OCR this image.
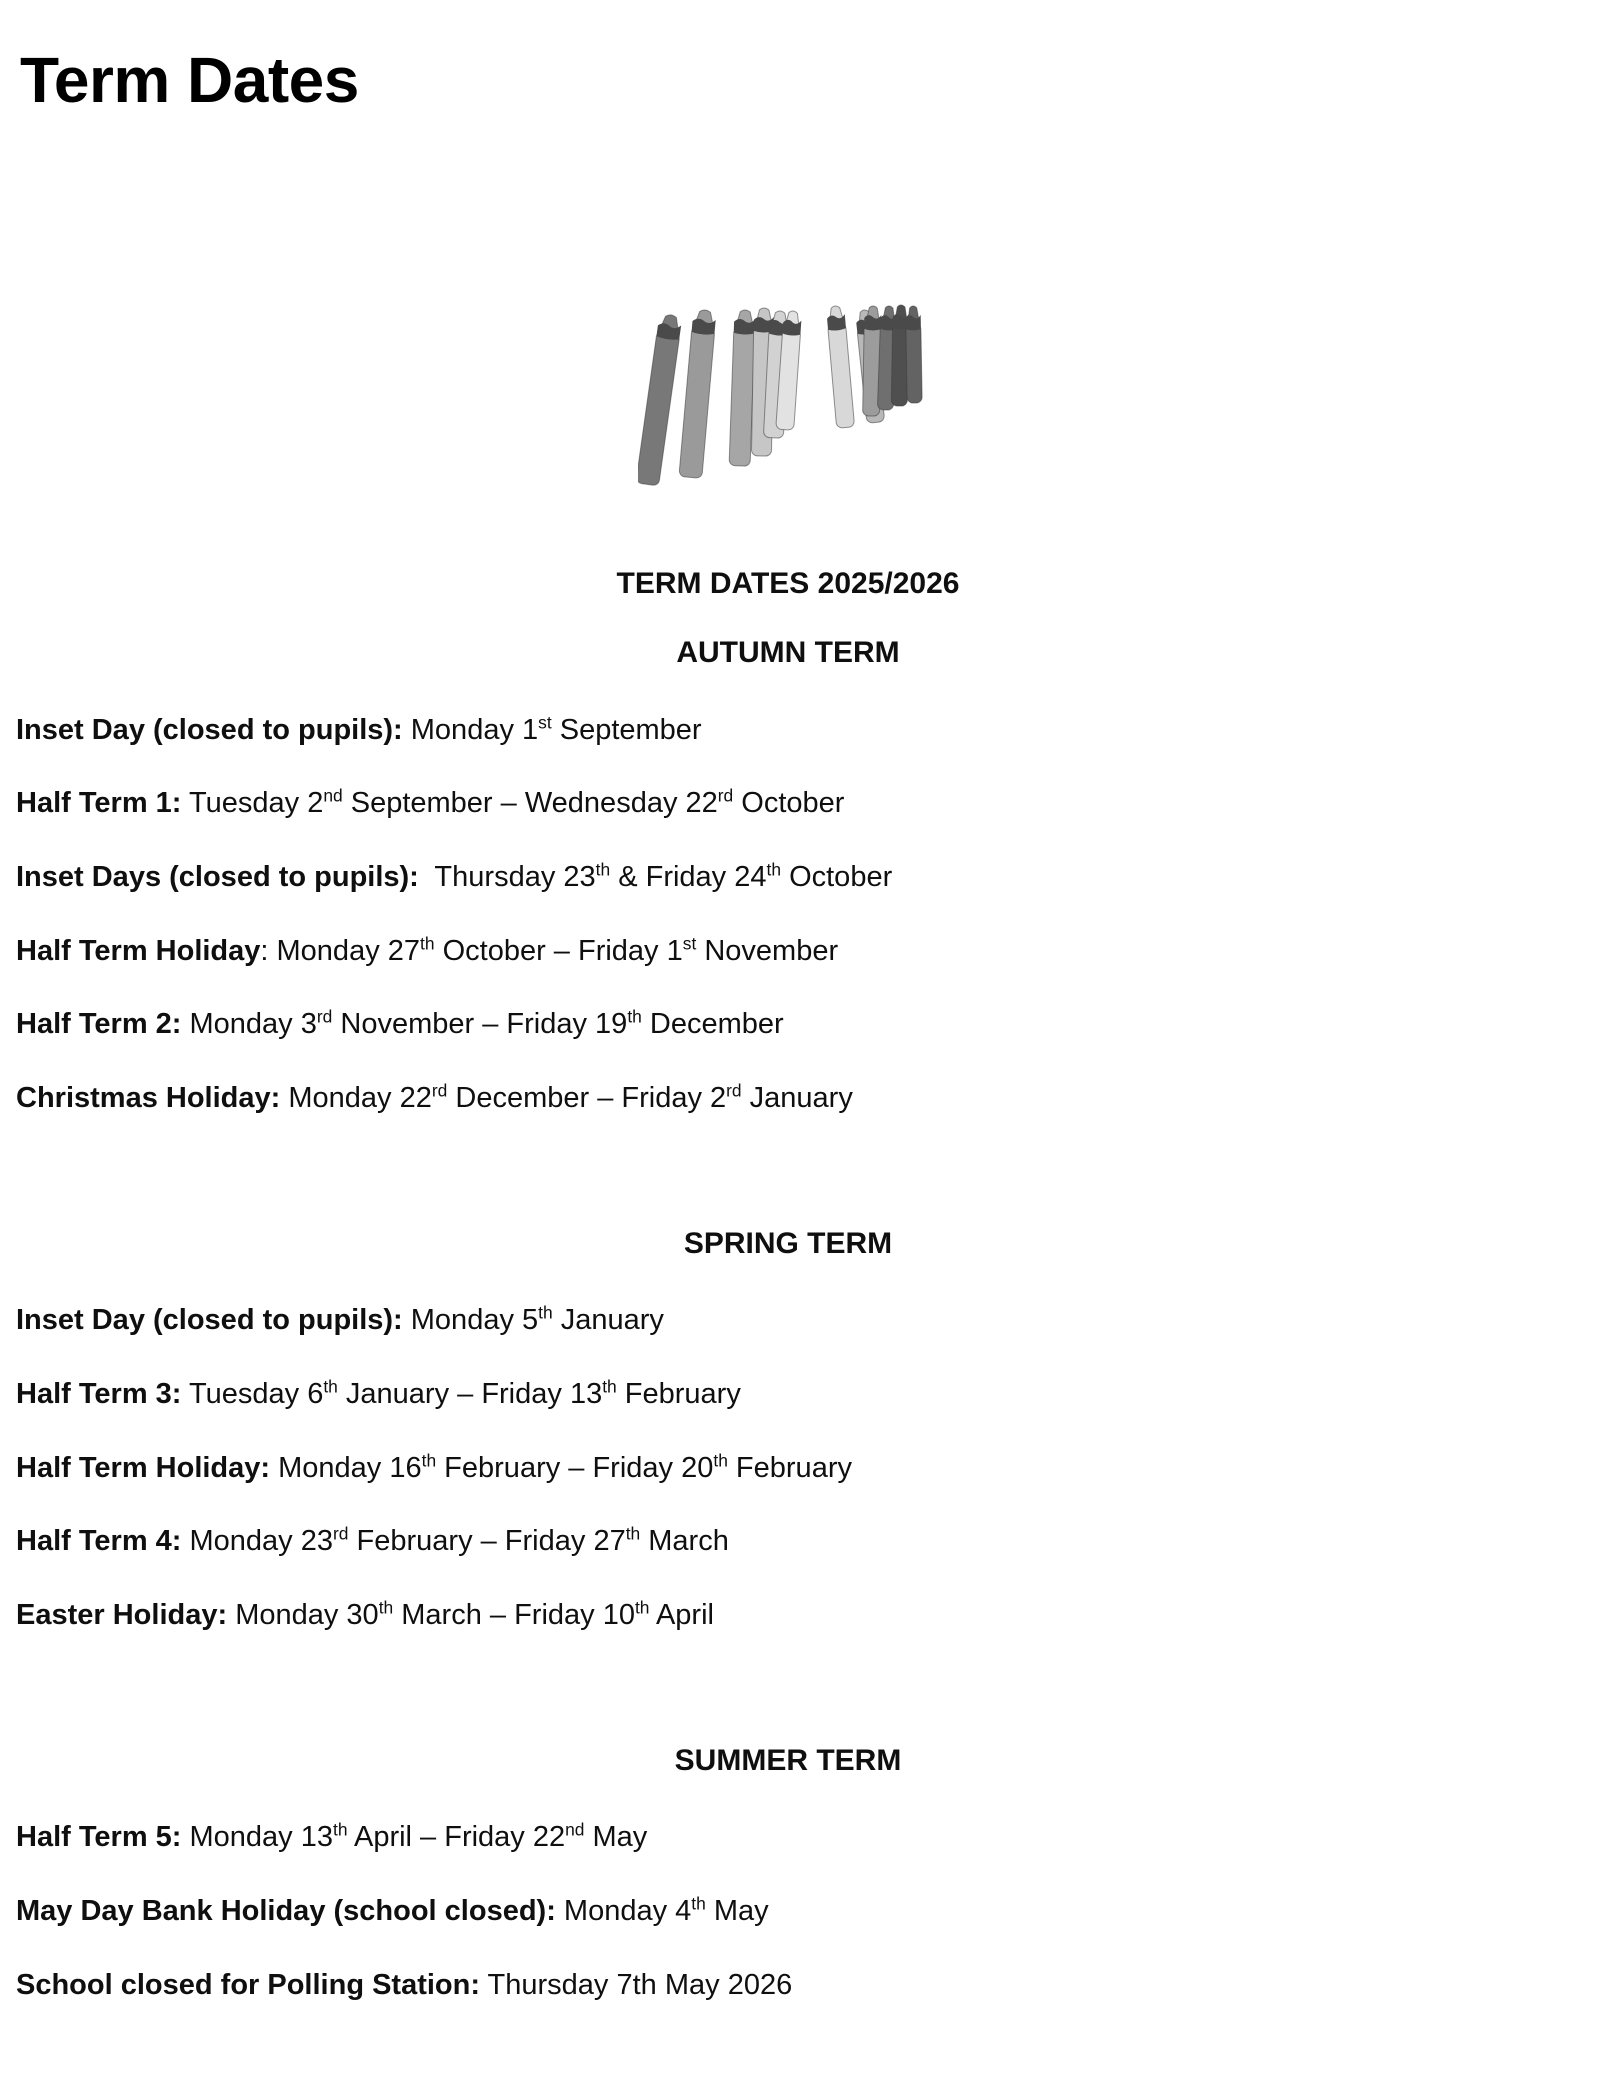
Term Dates
TERM DATES 2025/2026
AUTUMN TERM

Inset Day (closed to pupils): Monday 1st September

Half Term 1: Tuesday 2nd September – Wednesday 22rd October

Inset Days (closed to pupils):  Thursday 23th & Friday 24th October

Half Term Holiday: Monday 27th October – Friday 1st November

Half Term 2: Monday 3rd November – Friday 19th December

Christmas Holiday: Monday 22rd December – Friday 2rd January

SPRING TERM

Inset Day (closed to pupils): Monday 5th January

Half Term 3: Tuesday 6th January – Friday 13th February

Half Term Holiday: Monday 16th February – Friday 20th February

Half Term 4: Monday 23rd February – Friday 27th March

Easter Holiday: Monday 30th March – Friday 10th April

SUMMER TERM

Half Term 5: Monday 13th April – Friday 22nd May

May Day Bank Holiday (school closed): Monday 4th May

School closed for Polling Station: Thursday 7th May 2026
